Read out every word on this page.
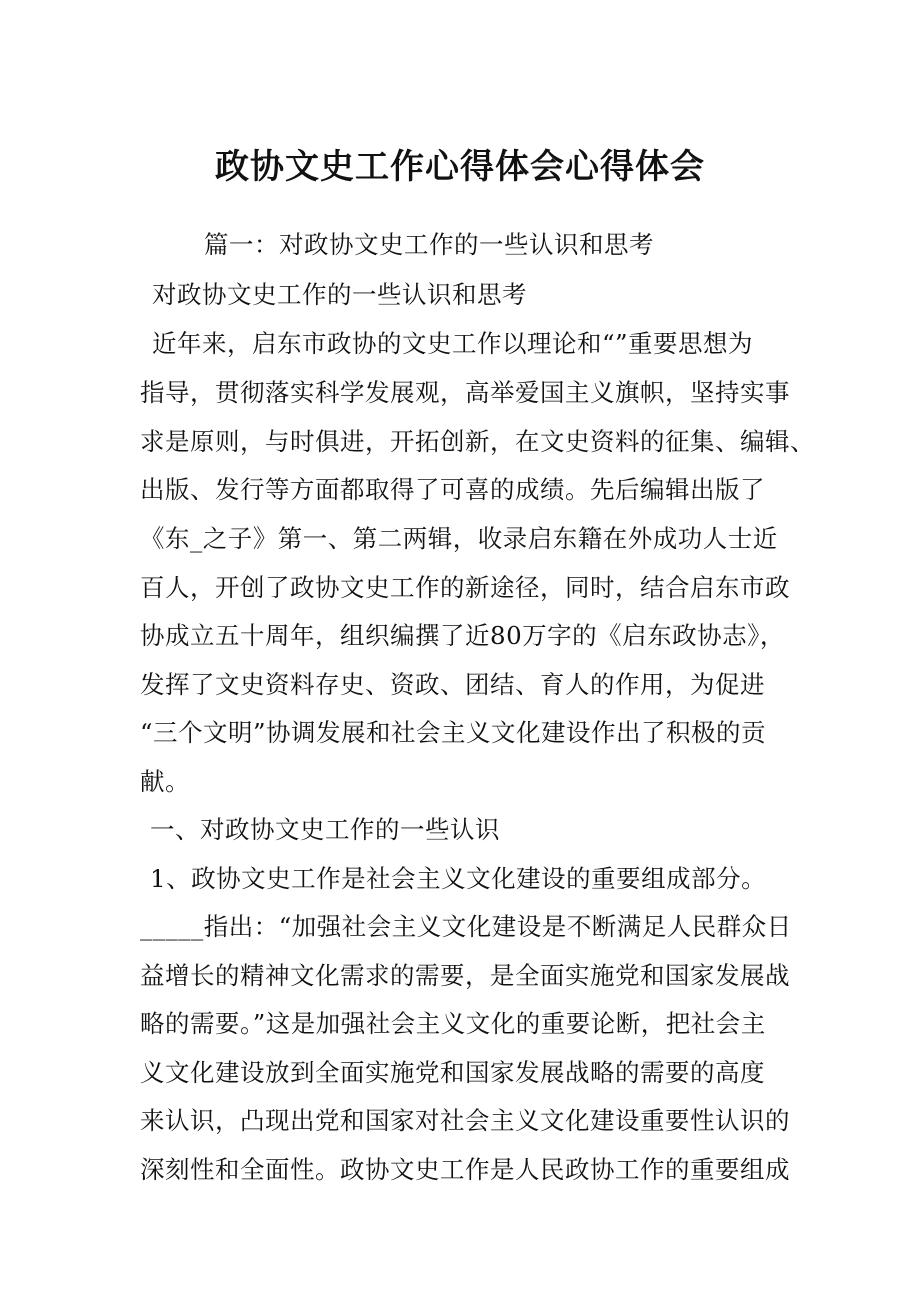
政协文史工作心得体会心得体会
篇一：对政协文史工作的一些认识和思考
对政协文史工作的一些认识和思考
近年来，启东市政协的文史工作以理论和“”重要思想为
指导，贯彻落实科学发展观，高举爱国主义旗帜，坚持实事
求是原则，与时俱进，开拓创新，在文史资料的征集、编辑、
出版、发行等方面都取得了可喜的成绩。先后编辑出版了
《东_之子》第一、第二两辑，收录启东籍在外成功人士近
百人，开创了政协文史工作的新途径，同时，结合启东市政
协成立五十周年，组织编撰了近80万字的《启东政协志》，
发挥了文史资料存史、资政、团结、育人的作用，为促进
“三个文明”协调发展和社会主义文化建设作出了积极的贡
献。
一、对政协文史工作的一些认识
1、政协文史工作是社会主义文化建设的重要组成部分。
_____指出：“加强社会主义文化建设是不断满足人民群众日
益增长的精神文化需求的需要，是全面实施党和国家发展战
略的需要。”这是加强社会主义文化的重要论断，把社会主
义文化建设放到全面实施党和国家发展战略的需要的高度
来认识，凸现出党和国家对社会主义文化建设重要性认识的
深刻性和全面性。政协文史工作是人民政协工作的重要组成
